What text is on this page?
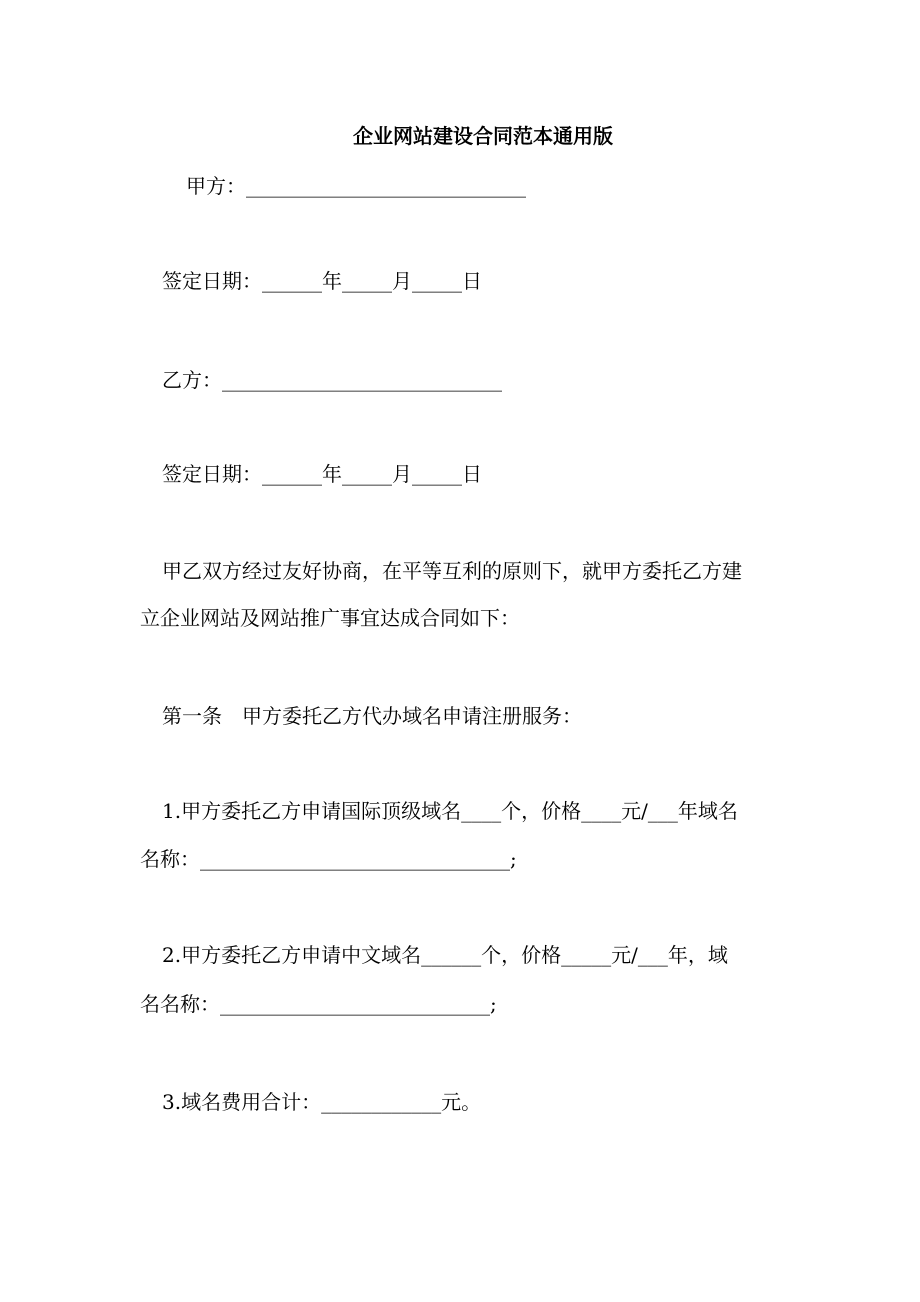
企业网站建设合同范本通用版
甲方：____________________________
签定日期：______年_____月_____日
乙方：____________________________
签定日期：______年_____月_____日
甲乙双方经过友好协商，在平等互利的原则下，就甲方委托乙方建
立企业网站及网站推广事宜达成合同如下：
第一条　甲方委托乙方代办域名申请注册服务：
1.甲方委托乙方申请国际顶级域名____个，价格____元/___年域名
名称：_______________________________;
2.甲方委托乙方申请中文域名______个，价格_____元/___年，域
名名称：___________________________;
3.域名费用合计：____________元。
